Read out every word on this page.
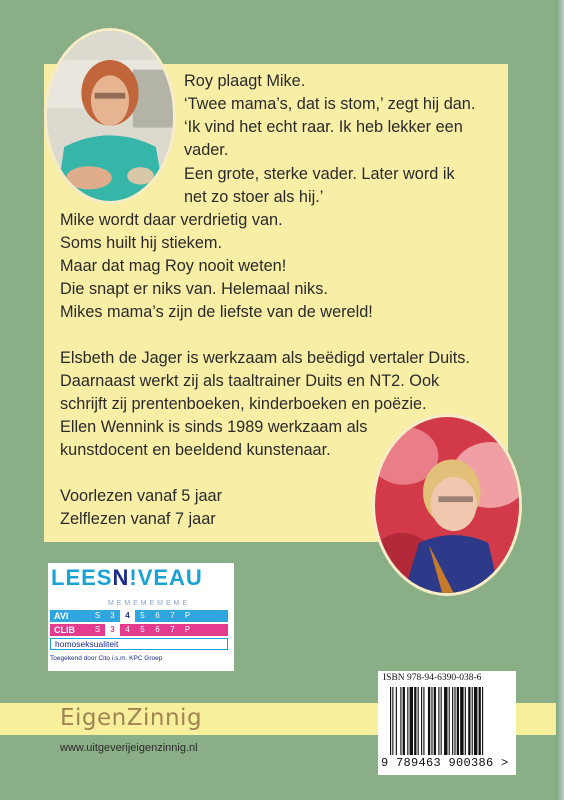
Roy plaagt Mike.

‘Twee mama’s, dat is stom,’ zegt hij dan.

‘Ik vind het echt raar. Ik heb lekker een

vader.

Een grote, sterke vader. Later word ik

net zo stoer als hij.’

Mike wordt daar verdrietig van.

Soms huilt hij stiekem.

Maar dat mag Roy nooit weten!

Die snapt er niks van. Helemaal niks.

Mikes mama’s zijn de liefste van de wereld!

Elsbeth de Jager is werkzaam als beëdigd vertaler Duits.

Daarnaast werkt zij als taaltrainer Duits en NT2. Ook

schrijft zij prentenboeken, kinderboeken en poëzie.

Ellen Wennink is sinds 1989 werkzaam als

kunstdocent en beeldend kunstenaar.

Voorlezen vanaf 5 jaar

Zelflezen vanaf 7 jaar

LEESN!VEAU
M E M E M E M E M E
AVI	S 3 4 5 6 7 P
CLIB	S 3 4 5 6 7 P
homoseksualiteit
Toegekend door Cito i.s.m. KPC Groep
EigenZinnig
www.uitgeverijeigenzinnig.nl
ISBN 978-94-6390-038-6
9 789463 900386 >
